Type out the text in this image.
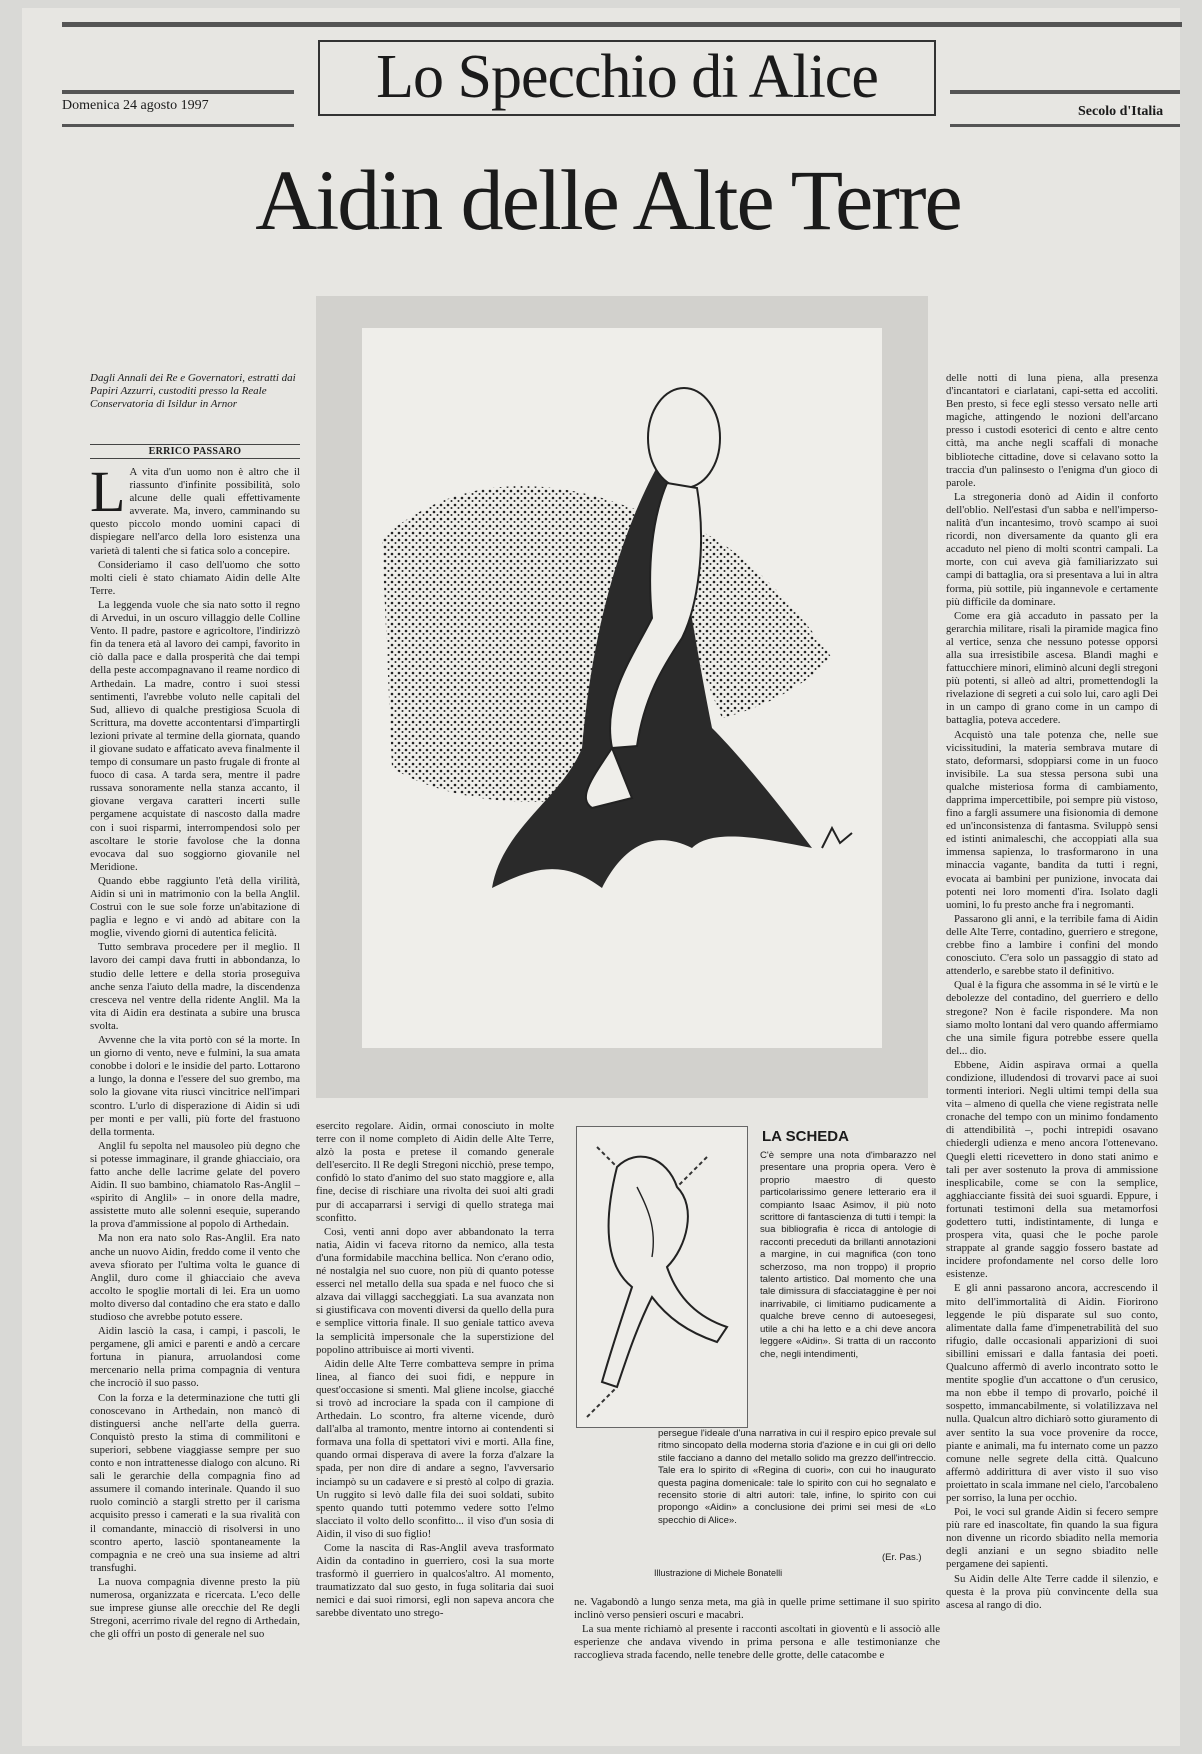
Domenica 24 agosto 1997	Lo Specchio di Alice
Secolo d'Italia
Aidin delle Alte Terre
Dagli Annali dei Re e Governatori, estratti dai Papiri Azzurri, custoditi presso la Reale Conservatoria di Isildur in Arnor
ERRICO PASSARO
L A vita d'un uomo non è altro che il riassunto d'infinite possibilità, solo alcune delle quali effettivamente avverate. Ma, invero, camminando su questo piccolo mondo uomini capaci di dispiegare nell'arco della loro esistenza una varietà di talenti che si fatica solo a concepire.

Consideriamo il caso dell'uomo che sotto molti cieli è stato chiamato Aidin delle Alte Terre.

La leggenda vuole che sia nato sotto il regno di Arvedui, in un oscuro villaggio delle Colline Vento. Il padre, pastore e agricoltore, l'indirizzò fin da tenera età al lavoro dei campi, favorito in ciò dalla pace e dalla prosperità che dai tempi della peste accompagnavano il reame nordico di Arthedain. La madre, contro i suoi stessi sentimenti, l'avrebbe voluto nelle capitali del Sud, allievo di qualche prestigiosa Scuola di Scrittura, ma dovette accontentarsi d'impartirgli lezioni private al termine della giornata, quando il giovane sudato e affaticato aveva finalmente il tempo di consumare un pasto frugale di fronte al fuoco di casa. A tarda sera, mentre il padre russava sonoramente nella stanza accanto, il giovane vergava caratteri incerti sulle pergamene acquistate di nascosto dalla madre con i suoi risparmi, interrompendosi solo per ascoltare le storie favolose che la donna evocava dal suo soggiorno giovanile nel Meridione.

Quando ebbe raggiunto l'età della virilità, Aidin si unì in matrimonio con la bella Anglil. Costruì con le sue sole forze un'abitazione di paglia e legno e vi andò ad abitare con la moglie, vivendo giorni di autentica felicità.

Tutto sembrava procedere per il meglio. Il lavoro dei campi dava frutti in abbondanza, lo studio delle lettere e della storia proseguiva anche senza l'aiuto della madre, la discendenza cresceva nel ventre della ridente Anglil. Ma la vita di Aidin era destinata a subire una brusca svolta.

Avvenne che la vita portò con sé la morte. In un giorno di vento, neve e fulmini, la sua amata conobbe i dolori e le insidie del parto. Lottarono a lungo, la donna e l'essere del suo grembo, ma solo la giovane vita riuscì vincitrice nell'impari scontro. L'urlo di disperazione di Aidin si udì per monti e per valli, più forte del frastuono della tormenta.

Anglil fu sepolta nel mausoleo più degno che si potesse immaginare, il grande ghiacciaio, ora fatto anche delle lacrime gelate del povero Aidin. Il suo bambino, chiamatolo Ras-Anglil – «spirito di Anglil» – in onore della madre, assistette muto alle solenni esequie, superando la prova d'ammissione al popolo di Arthedain.

Ma non era nato solo Ras-Anglil. Era nato anche un nuovo Aidin, freddo come il vento che aveva sfiorato per l'ultima volta le guance di Anglil, duro come il ghiacciaio che aveva accolto le spoglie mortali di lei. Era un uomo molto diverso dal contadino che era stato e dallo studioso che avrebbe potuto essere.

Aidin lasciò la casa, i campi, i pascoli, le pergamene, gli amici e parenti e andò a cercare fortuna in pianura, arruolandosi come mercenario nella prima compagnia di ventura che incrociò il suo passo.

Con la forza e la determinazione che tutti gli conoscevano in Arthedain, non mancò di distinguersi anche nell'arte della guerra. Conquistò presto la stima di commilitoni e superiori, sebbene viaggiasse sempre per suo conto e non intrattenesse dialogo con alcuno. Ri salì le gerarchie della compagnia fino ad assumere il comando interinale. Quando il suo ruolo cominciò a stargli stretto per il carisma acquisito presso i camerati e la sua rivalità con il comandante, minacciò di risolversi in uno scontro aperto, lasciò spontaneamente la compagnia e ne creò una sua insieme ad altri transfughi.

La nuova compagnia divenne presto la più numerosa, organizzata e ricercata. L'eco delle sue imprese giunse alle orecchie del Re degli Stregoni, acerrimo rivale del regno di Arthedain, che gli offrì un posto di generale nel suo

esercito regolare. Aidin, ormai conosciuto in molte terre con il nome completo di Aidin delle Alte Terre, alzò la posta e pretese il comando generale dell'esercito. Il Re degli Stregoni nicchiò, prese tempo, confidò lo stato d'animo del suo stato maggiore e, alla fine, decise di rischiare una rivolta dei suoi alti gradi pur di accaparrarsi i servigi di quello stratega mai sconfitto.

Così, venti anni dopo aver abbandonato la terra natìa, Aidin vi faceva ritorno da nemico, alla testa d'una formidabile macchina bellica. Non c'erano odio, né nostalgia nel suo cuore, non più di quanto potesse esserci nel metallo della sua spada e nel fuoco che si alzava dai villaggi saccheggiati. La sua avanzata non si giustificava con moventi diversi da quello della pura e semplice vittoria finale. Il suo geniale tattico aveva la semplicità impersonale che la superstizione del popolino attribuisce ai morti viventi.

Aidin delle Alte Terre combatteva sempre in prima linea, al fianco dei suoi fidi, e neppure in quest'occasione si smentì. Mal glienе incolse, giacché si trovò ad incrociare la spada con il campione di Arthedain. Lo scontro, fra alterne vicende, durò dall'alba al tramonto, mentre intorno ai contendenti si formava una folla di spettatori vivi e morti. Alla fine, quando ormai disperava di avere la forza d'alzare la spada, per non dire di andare a segno, l'avversario inciampò su un cadavere e si prestò al colpo di grazia. Un ruggito si levò dalle fila dei suoi soldati, subito spento quando tutti potemmo vedere sotto l'elmo slacciato il volto dello sconfitto... il viso d'un sosia di Aidin, il viso di suo figlio!

Come la nascita di Ras-Anglil aveva trasformato Aidin da contadino in guerriero, così la sua morte trasformò il guerriero in qualcos'altro. Al momento, traumatizzato dal suo gesto, in fuga solitaria dai suoi nemici e dai suoi rimorsi, egli non sapeva ancora che sarebbe diventato uno strego-

LA SCHEDA
C'è sempre una nota d'imbarazzo nel presentare una propria opera. Vero è proprio maestro di questo particolarissimo genere letterario era il compianto Isaac Asimov, il più noto scrittore di fantascienza di tutti i tempi: la sua bibliografia è ricca di antologie di racconti preceduti da brillanti annotazioni a margine, in cui magnifica (con tono scherzoso, ma non troppo) il proprio talento artistico. Dal momento che una tale dimissura di sfacciataggine è per noi inarrivabile, ci limitiamo pudicamente a qualche breve cenno di autoesegesi, utile a chi ha letto e a chi deve ancora leggere «Aidin». Si tratta di un racconto che, negli intendimenti,
persegue l'ideale d'una narrativa in cui il respiro epico prevale sul ritmo sincopato della moderna storia d'azione e in cui gli ori dello stile facciano a danno del metallo solido ma grezzo dell'intreccio. Tale era lo spirito di «Regina di cuori», con cui ho inaugurato questa pagina domenicale: tale lo spirito con cui ho segnalato e recensito storie di altri autori: tale, infine, lo spirito con cui propongo «Aidin» a conclusione dei primi sei mesi de «Lo specchio di Alice».
(Er. Pas.)
Illustrazione di Michele Bonatelli

ne. Vagabondò a lungo senza meta, ma già in quelle prime settimane il suo spirito inclinò verso pensieri oscuri e macabri.

La sua mente richiamò al presente i racconti ascoltati in gioventù e li associò alle esperienze che andava vivendo in prima persona e alle testimonianze che raccoglieva strada facendo, nelle tenebre delle grotte, delle catacombe e

delle notti di luna piena, alla presenza d'incantatori e ciarlatani, capi-setta ed accoliti. Ben presto, si fece egli stesso versato nelle arti magiche, attingendo le nozioni dell'arcano presso i custodi esoterici di cento e altre cento città, ma anche negli scaffali di monache biblioteche cittadine, dove si celavano sotto la traccia d'un palinsesto o l'enigma d'un gioco di parole.

La stregoneria donò ad Aidin il conforto dell'oblio. Nell'estasi d'un sabba e nell'impersonalità d'un incantesimo, trovò scampo ai suoi ricordi, non diversamente da quanto gli era accaduto nel pieno di molti scontri campali. La morte, con cui aveva già familiarizzato sui campi di battaglia, ora si presentava a lui in altra forma, più sottile, più ingannevole e certamente più difficile da dominare.

Come era già accaduto in passato per la gerarchia militare, risalì la piramide magica fino al vertice, senza che nessuno potesse opporsi alla sua irresistibile ascesa. Blandì maghi e fattucchiere minori, eliminò alcuni degli stregoni più potenti, si alleò ad altri, promettendogli la rivelazione di segreti a cui solo lui, caro agli Dei in un campo di grano come in un campo di battaglia, poteva accedere.

Acquistò una tale potenza che, nelle sue vicissitudini, la materia sembrava mutare di stato, deformarsi, sdoppiarsi come in un fuoco invisibile. La sua stessa persona subì una qualche misteriosa forma di cambiamento, dapprima impercettibile, poi sempre più vistoso, fino a fargli assumere una fisionomia di demone ed un'inconsistenza di fantasma. Sviluppò sensi ed istinti animaleschi, che accoppiati alla sua immensa sapienza, lo trasformarono in una minaccia vagante, bandita da tutti i regni, evocata ai bambini per punizione, invocata dai potenti nei loro momenti d'ira. Isolato dagli uomini, lo fu presto anche fra i negromanti.

Passarono gli anni, e la terribile fama di Aidin delle Alte Terre, contadino, guerriero e stregone, crebbe fino a lambire i confini del mondo conosciuto. C'era solo un passaggio di stato ad attenderlo, e sarebbe stato il definitivo.

Qual è la figura che assomma in sé le virtù e le debolezze del contadino, del guerriero e dello stregone? Non è facile rispondere. Ma non siamo molto lontani dal vero quando affermiamo che una simile figura potrebbe essere quella del... dio.

Ebbene, Aidin aspirava ormai a quella condizione, illudendosi di trovarvi pace ai suoi tormenti interiori. Negli ultimi tempi della sua vita – almeno di quella che viene registrata nelle cronache del tempo con un minimo fondamento di attendibilità –, pochi intrepidi osavano chiedergli udienza e meno ancora l'ottenevano. Quegli eletti ricevettero in dono stati animo e tali per aver sostenuto la prova di ammissione inesplicabile, come se con la semplice, agghiacciante fissità dei suoi sguardi. Eppure, i fortunati testimoni della sua metamorfosi godettero tutti, indistintamente, di lunga e prospera vita, quasi che le poche parole strappate al grande saggio fossero bastate ad incidere profondamente nel corso delle loro esistenze.

E gli anni passarono ancora, accrescendo il mito dell'immortalità di Aidin. Fiorirono leggende le più disparate sul suo conto, alimentate dalla fame d'impenetrabilità del suo rifugio, dalle occasionali apparizioni di suoi sibillini emissari e dalla fantasia dei poeti. Qualcuno affermò di averlo incontrato sotto le mentite spoglie d'un accattone o d'un cerusico, ma non ebbe il tempo di provarlo, poiché il sospetto, immancabilmente, si volatilizzava nel nulla. Qualcun altro dichiarò sotto giuramento di aver sentito la sua voce provenire da rocce, piante e animali, ma fu internato come un pazzo comune nelle segrete della città. Qualcuno affermò addirittura di aver visto il suo viso proiettato in scala immane nel cielo, l'arcobaleno per sorriso, la luna per occhio.

Poi, le voci sul grande Aidin si fecero sempre più rare ed inascoltate, fin quando la sua figura non divenne un ricordo sbiadito nella memoria degli anziani e un segno sbiadito nelle pergamene dei sapienti.

Su Aidin delle Alte Terre cadde il silenzio, e questa è la prova più convincente della sua ascesa al rango di dio.
